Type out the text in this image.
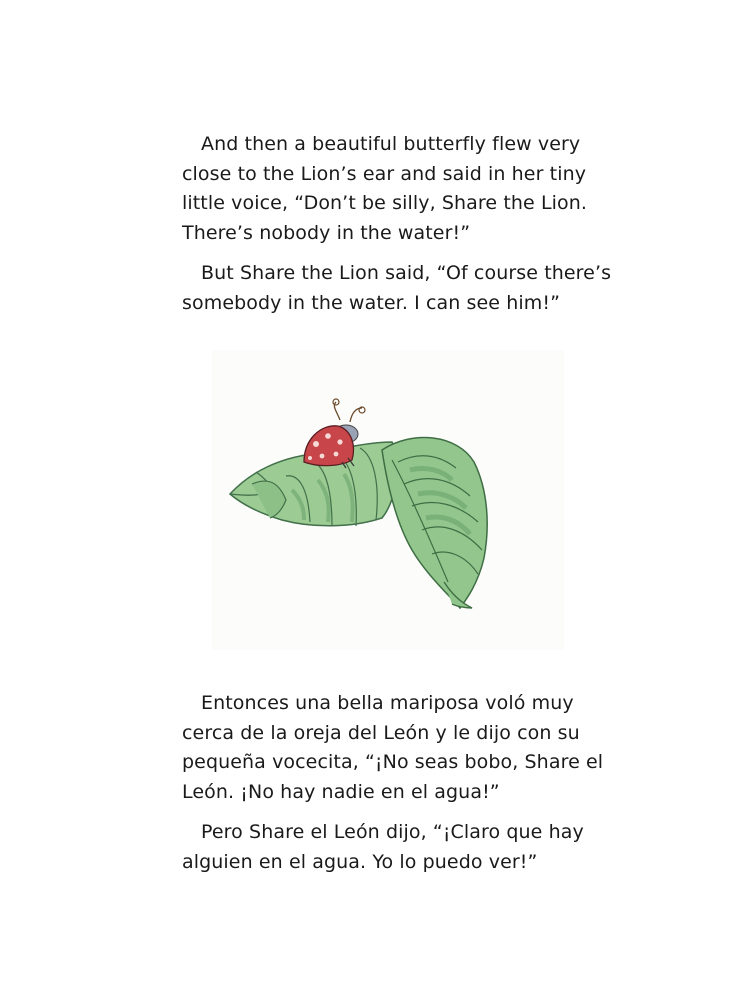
And then a beautiful butterfly flew very
close to the Lion’s ear and said in her tiny
little voice, “Don’t be silly, Share the Lion.
There’s nobody in the water!”

But Share the Lion said, “Of course there’s
somebody in the water. I can see him!”

Entonces una bella mariposa voló muy
cerca de la oreja del León y le dijo con su
pequeña vocecita, “¡No seas bobo, Share el
León. ¡No hay nadie en el agua!”

Pero Share el León dijo, “¡Claro que hay
alguien en el agua. Yo lo puedo ver!”
